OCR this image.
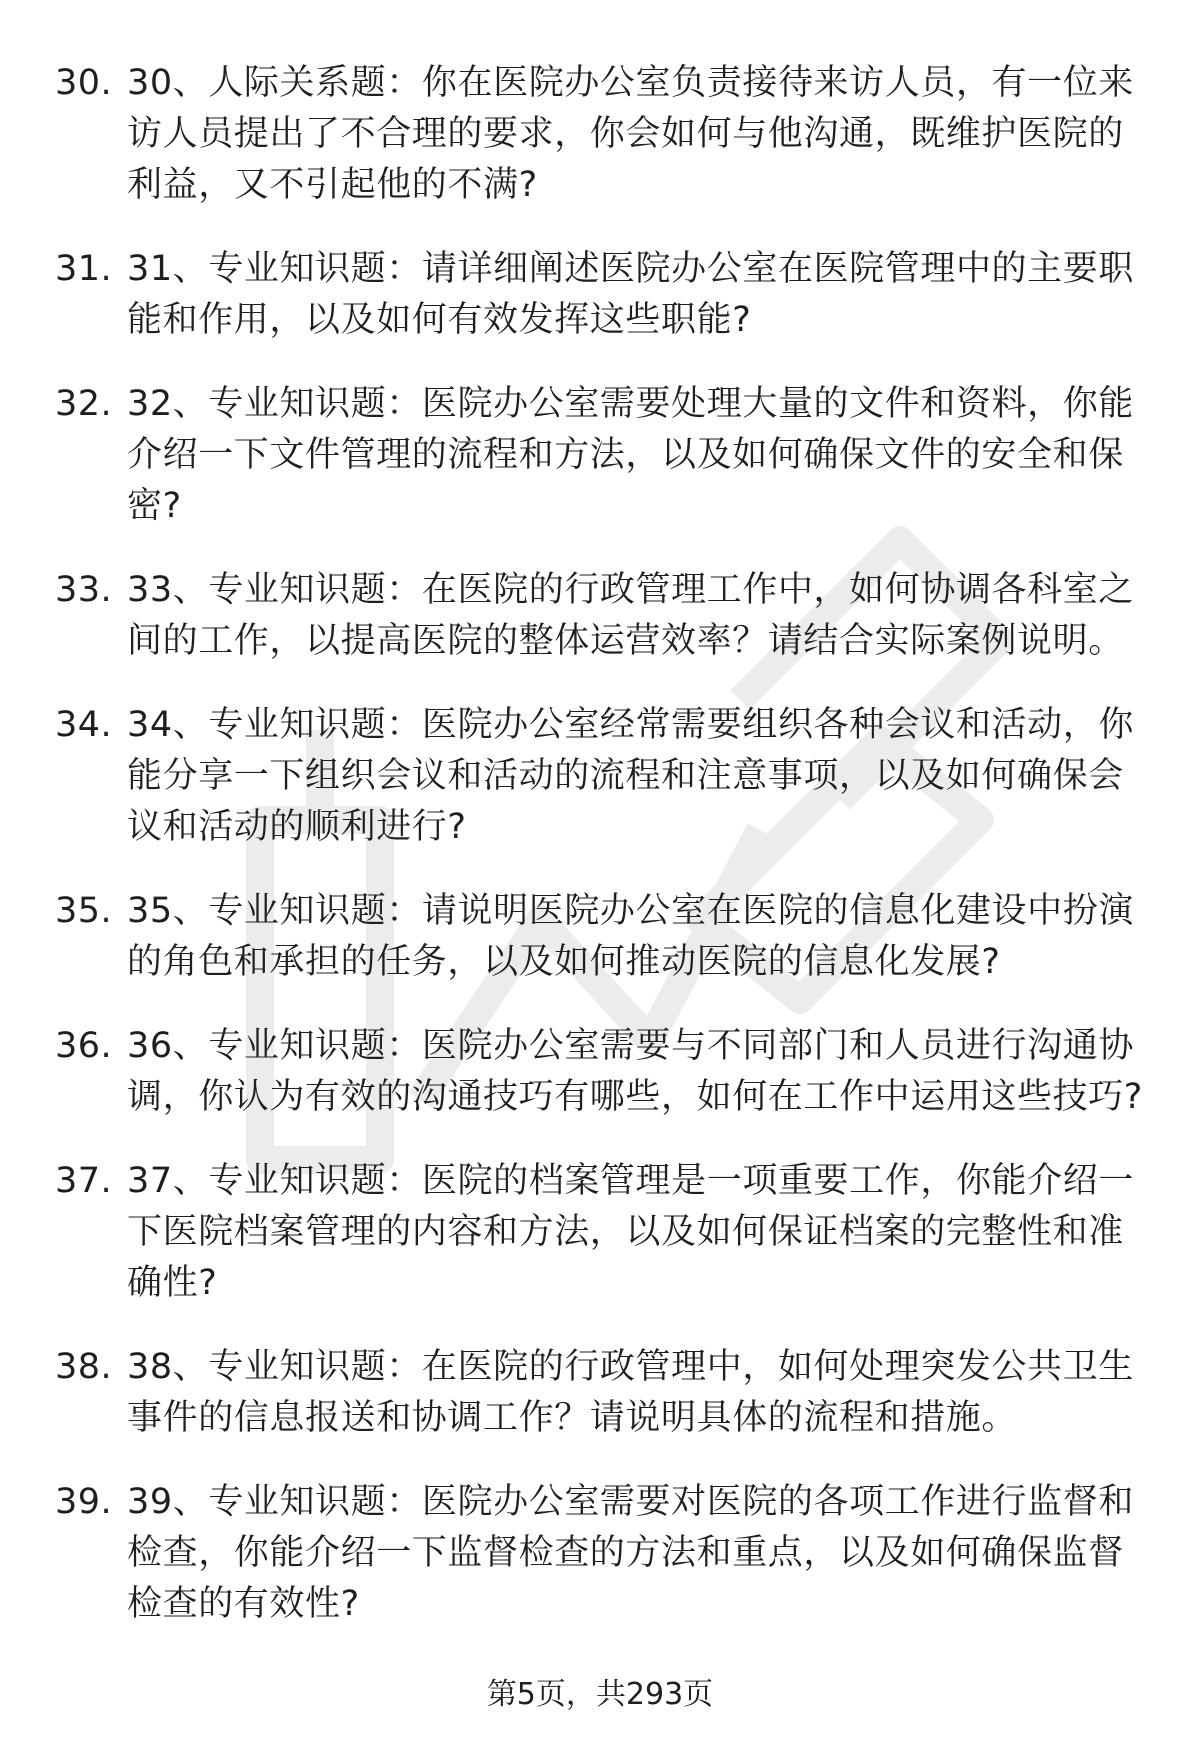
30. 30、人际关系题：你在医院办公室负责接待来访人员，有一位来访人员提出了不合理的要求，你会如何与他沟通，既维护医院的利益，又不引起他的不满?
31. 31、专业知识题：请详细阐述医院办公室在医院管理中的主要职能和作用，以及如何有效发挥这些职能?
32. 32、专业知识题：医院办公室需要处理大量的文件和资料，你能介绍一下文件管理的流程和方法，以及如何确保文件的安全和保密?
33. 33、专业知识题：在医院的行政管理工作中，如何协调各科室之间的工作，以提高医院的整体运营效率？请结合实际案例说明。
34. 34、专业知识题：医院办公室经常需要组织各种会议和活动，你能分享一下组织会议和活动的流程和注意事项，以及如何确保会议和活动的顺利进行?
35. 35、专业知识题：请说明医院办公室在医院的信息化建设中扮演的角色和承担的任务，以及如何推动医院的信息化发展?
36. 36、专业知识题：医院办公室需要与不同部门和人员进行沟通协调，你认为有效的沟通技巧有哪些，如何在工作中运用这些技巧?
37. 37、专业知识题：医院的档案管理是一项重要工作，你能介绍一下医院档案管理的内容和方法，以及如何保证档案的完整性和准确性?
38. 38、专业知识题：在医院的行政管理中，如何处理突发公共卫生事件的信息报送和协调工作？请说明具体的流程和措施。
39. 39、专业知识题：医院办公室需要对医院的各项工作进行监督和检查，你能介绍一下监督检查的方法和重点，以及如何确保监督检查的有效性?
第5页，共293页
